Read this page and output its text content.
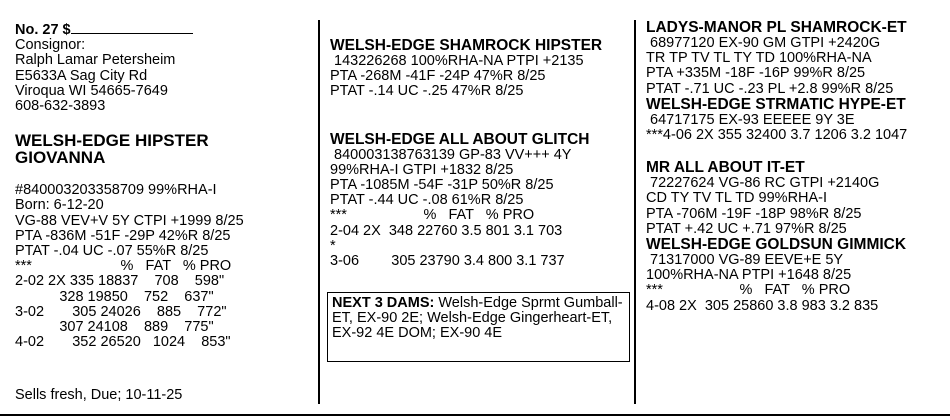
No. 27 $
Consignor:
Ralph Lamar Petersheim
E5633A Sag City Rd
Viroqua WI 54665-7649
608-632-3893
WELSH-EDGE HIPSTER
GIOVANNA
#840003203358709 99%RHA-I
Born: 6-12-20
VG-88 VEV+V 5Y CTPI +1999 8/25
PTA -836M -51F -29P 42%R 8/25
PTAT -.04 UC -.07 55%R 8/25
***                      %   FAT   % PRO
2-02 2X 335 18837    708    598"
328 19850    752    637"
3-02       305 24026    885    772"
307 24108    889    775"
4-02       352 26520   1024    853"
Sells fresh, Due; 10-11-25
WELSH-EDGE SHAMROCK HIPSTER
143226268 100%RHA-NA PTPI +2135
PTA -268M -41F -24P 47%R 8/25
PTAT -.14 UC -.25 47%R 8/25
WELSH-EDGE ALL ABOUT GLITCH
840003138763139 GP-83 VV+++ 4Y
99%RHA-I GTPI +1832 8/25
PTA -1085M -54F -31P 50%R 8/25
PTAT -.44 UC -.08 61%R 8/25
***                   %   FAT   % PRO
2-04 2X  348 22760 3.5 801 3.1 703
*
3-06        305 23790 3.4 800 3.1 737
NEXT 3 DAMS: Welsh-Edge Sprmt Gumball-ET, EX-90 2E; Welsh-Edge Gingerheart-ET, EX-92 4E DOM; EX-90 4E
LADYS-MANOR PL SHAMROCK-ET
68977120 EX-90 GM GTPI +2420G
TR TP TV TL TY TD 100%RHA-NA
PTA +335M -18F -16P 99%R 8/25
PTAT -.71 UC -.23 PL +2.8 99%R 8/25
WELSH-EDGE STRMATIC HYPE-ET
64717175 EX-93 EEEEE 9Y 3E
***4-06 2X 355 32400 3.7 1206 3.2 1047
MR ALL ABOUT IT-ET
72227624 VG-86 RC GTPI +2140G
CD TY TV TL TD 99%RHA-I
PTA -706M -19F -18P 98%R 8/25
PTAT +.42 UC +.71 97%R 8/25
WELSH-EDGE GOLDSUN GIMMICK
71317000 VG-89 EEVE+E 5Y
100%RHA-NA PTPI +1648 8/25
***                   %   FAT   % PRO
4-08 2X  305 25860 3.8 983 3.2 835
